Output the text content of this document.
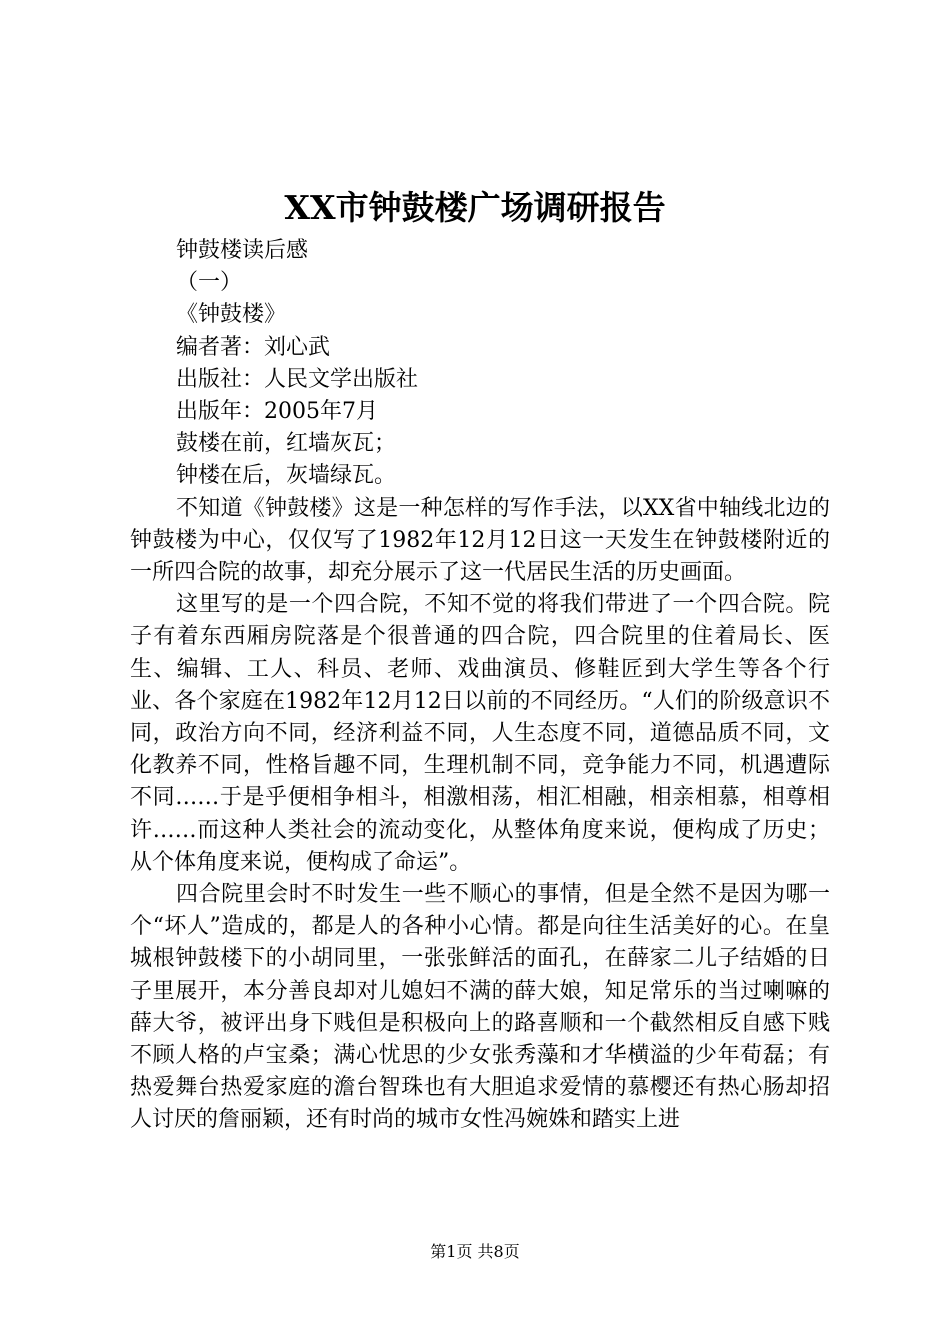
XX市钟鼓楼广场调研报告

钟鼓楼读后感

（一）

《钟鼓楼》

编者著：刘心武

出版社：人民文学出版社

出版年：2005年7月

鼓楼在前，红墙灰瓦；

钟楼在后，灰墙绿瓦。

不知道《钟鼓楼》这是一种怎样的写作手法，以XX省中轴线北边的钟鼓楼为中心，仅仅写了1982年12月12日这一天发生在钟鼓楼附近的一所四合院的故事，却充分展示了这一代居民生活的历史画面。

这里写的是一个四合院，不知不觉的将我们带进了一个四合院。院子有着东西厢房院落是个很普通的四合院，四合院里的住着局长、医生、编辑、工人、科员、老师、戏曲演员、修鞋匠到大学生等各个行业、各个家庭在1982年12月12日以前的不同经历。“人们的阶级意识不同，政治方向不同，经济利益不同，人生态度不同，道德品质不同，文化教养不同，性格旨趣不同，生理机制不同，竞争能力不同，机遇遭际不同……于是乎便相争相斗，相激相荡，相汇相融，相亲相慕，相尊相许……而这种人类社会的流动变化，从整体角度来说，便构成了历史；从个体角度来说，便构成了命运”。

四合院里会时不时发生一些不顺心的事情，但是全然不是因为哪一个“坏人”造成的，都是人的各种小心情。都是向往生活美好的心。在皇城根钟鼓楼下的小胡同里，一张张鲜活的面孔，在薛家二儿子结婚的日子里展开，本分善良却对儿媳妇不满的薛大娘，知足常乐的当过喇嘛的薛大爷，被评出身下贱但是积极向上的路喜顺和一个截然相反自感下贱不顾人格的卢宝桑；满心忧思的少女张秀藻和才华横溢的少年荀磊；有热爱舞台热爱家庭的澹台智珠也有大胆追求爱情的慕樱还有热心肠却招人讨厌的詹丽颖，还有时尚的城市女性冯婉姝和踏实上进

第1页 共8页
